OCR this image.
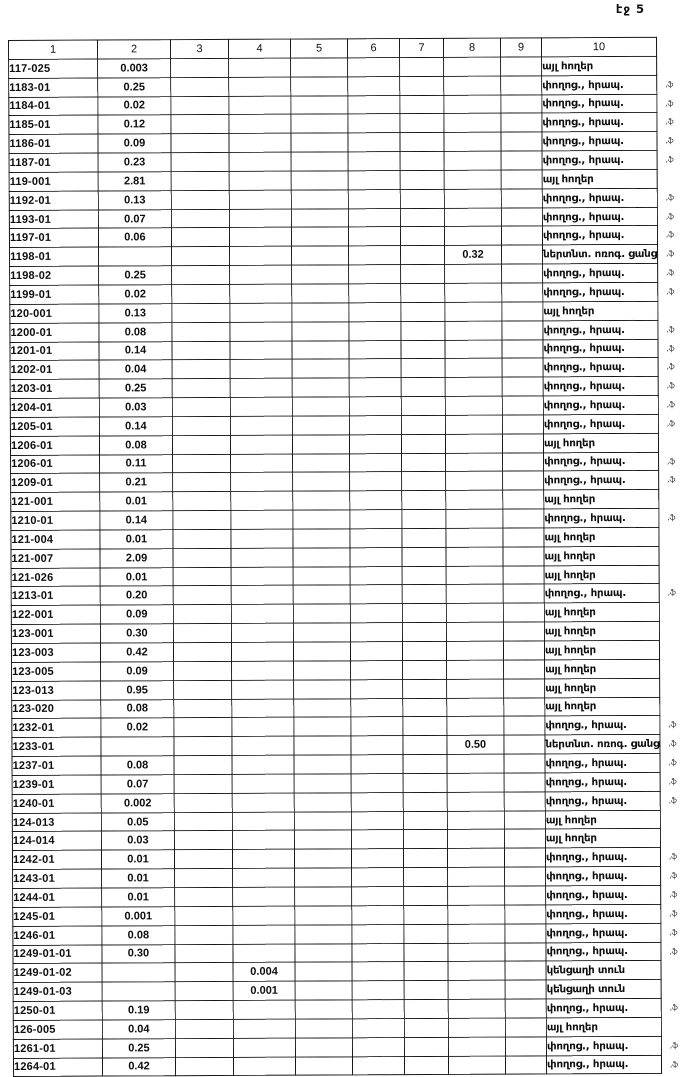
էջ 5
1	2	3	4	5	6	7	8	9	10
117-025	0.003								այլ հողեր
1183-01	0.25								փողոց., հրապ. ,ֆ

1184-01	0.02								փողոց., հրապ. ,ֆ

1185-01	0.12								փողոց., հրապ. ,ֆ

1186-01	0.09								փողոց., հրապ. ,ֆ

1187-01	0.23								փողոց., հրապ. ,ֆ

119-001	2.81								այլ հողեր
1192-01	0.13								փողոց., հրապ. ,ֆ

1193-01	0.07								փողոց., հրապ. ,ֆ

1197-01	0.06								փողոց., հրապ. ,ֆ

1198-01							0.32		ներտնտ. ոռոգ. ցանց ,ֆ

1198-02	0.25								փողոց., հրապ. ,ֆ

1199-01	0.02								փողոց., հրապ. ,ֆ

120-001	0.13								այլ հողեր
1200-01	0.08								փողոց., հրապ. ,ֆ

1201-01	0.14								փողոց., հրապ. ,ֆ

1202-01	0.04								փողոց., հրապ. ,ֆ

1203-01	0.25								փողոց., հրապ. ,ֆ

1204-01	0.03								փողոց., հրապ. ,ֆ

1205-01	0.14								փողոց., հրապ. ,ֆ

1206-01	0.08								այլ հողեր
1206-01	0.11								փողոց., հրապ. ,ֆ

1209-01	0.21								փողոց., հրապ. ,ֆ

121-001	0.01								այլ հողեր
1210-01	0.14								փողոց., հրապ. ,ֆ

121-004	0.01								այլ հողեր
121-007	2.09								այլ հողեր
121-026	0.01								այլ հողեր
1213-01	0.20								փողոց., հրապ. ,ֆ

122-001	0.09								այլ հողեր
123-001	0.30								այլ հողեր
123-003	0.42								այլ հողեր
123-005	0.09								այլ հողեր
123-013	0.95								այլ հողեր
123-020	0.08								այլ հողեր
1232-01	0.02								փողոց., հրապ. ,ֆ

1233-01							0.50		ներտնտ. ոռոգ. ցանց ,ֆ

1237-01	0.08								փողոց., հրապ. ,ֆ

1239-01	0.07								փողոց., հրապ. ,ֆ

1240-01	0.002								փողոց., հրապ. ,ֆ

124-013	0.05								այլ հողեր
124-014	0.03								այլ հողեր
1242-01	0.01								փողոց., հրապ. ,ֆ

1243-01	0.01								փողոց., հրապ. ,ֆ

1244-01	0.01								փողոց., հրապ. ,ֆ

1245-01	0.001								փողոց., հրապ. ,ֆ

1246-01	0.08								փողոց., հրապ. ,ֆ

1249-01-01	0.30								փողոց., հրապ. ,ֆ

1249-01-02			0.004						կենցաղի տուն
1249-01-03			0.001						կենցաղի տուն
1250-01	0.19								փողոց., հրապ. ,ֆ

126-005	0.04								այլ հողեր
1261-01	0.25								փողոց., հրապ. ,ֆ

1264-01	0.42								փողոց., հրապ. ,ֆ
